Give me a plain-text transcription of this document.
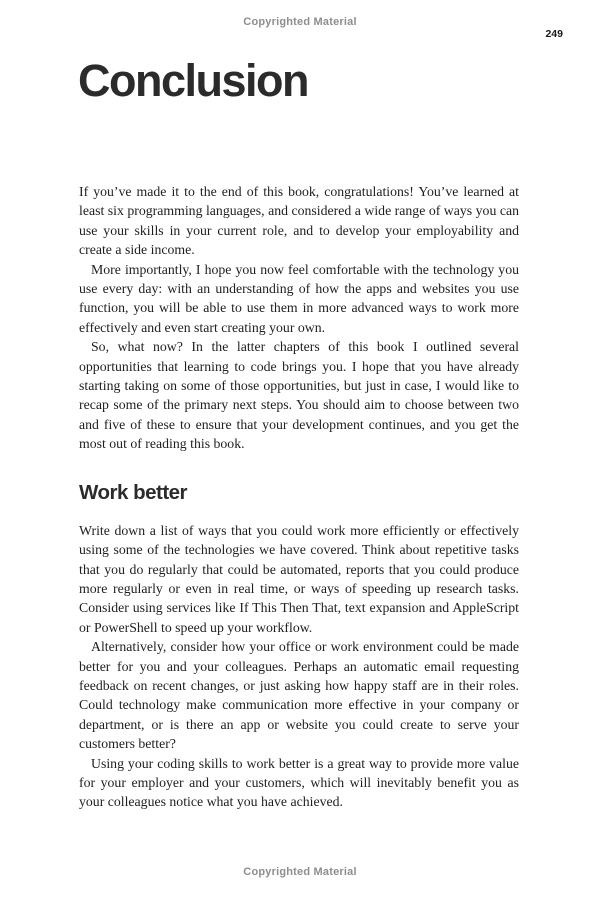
Copyrighted Material
249
Conclusion

If you’ve made it to the end of this book, congratulations! You’ve learned at least six programming languages, and considered a wide range of ways you can use your skills in your current role, and to develop your employability and create a side income.

More importantly, I hope you now feel comfortable with the technology you use every day: with an understanding of how the apps and websites you use function, you will be able to use them in more advanced ways to work more effectively and even start creating your own.

So, what now? In the latter chapters of this book I outlined several opportunities that learning to code brings you. I hope that you have already starting taking on some of those opportunities, but just in case, I would like to recap some of the primary next steps. You should aim to choose between two and five of these to ensure that your development continues, and you get the most out of reading this book.

Work better

Write down a list of ways that you could work more efficiently or effectively using some of the technologies we have covered. Think about repetitive tasks that you do regularly that could be automated, reports that you could produce more regularly or even in real time, or ways of speeding up research tasks. Consider using services like If This Then That, text expansion and AppleScript or PowerShell to speed up your workflow.

Alternatively, consider how your office or work environment could be made better for you and your colleagues. Perhaps an automatic email requesting feedback on recent changes, or just asking how happy staff are in their roles. Could technology make communication more effective in your company or department, or is there an app or website you could create to serve your customers better?

Using your coding skills to work better is a great way to provide more value for your employer and your customers, which will inevitably benefit you as your colleagues notice what you have achieved.

Copyrighted Material
